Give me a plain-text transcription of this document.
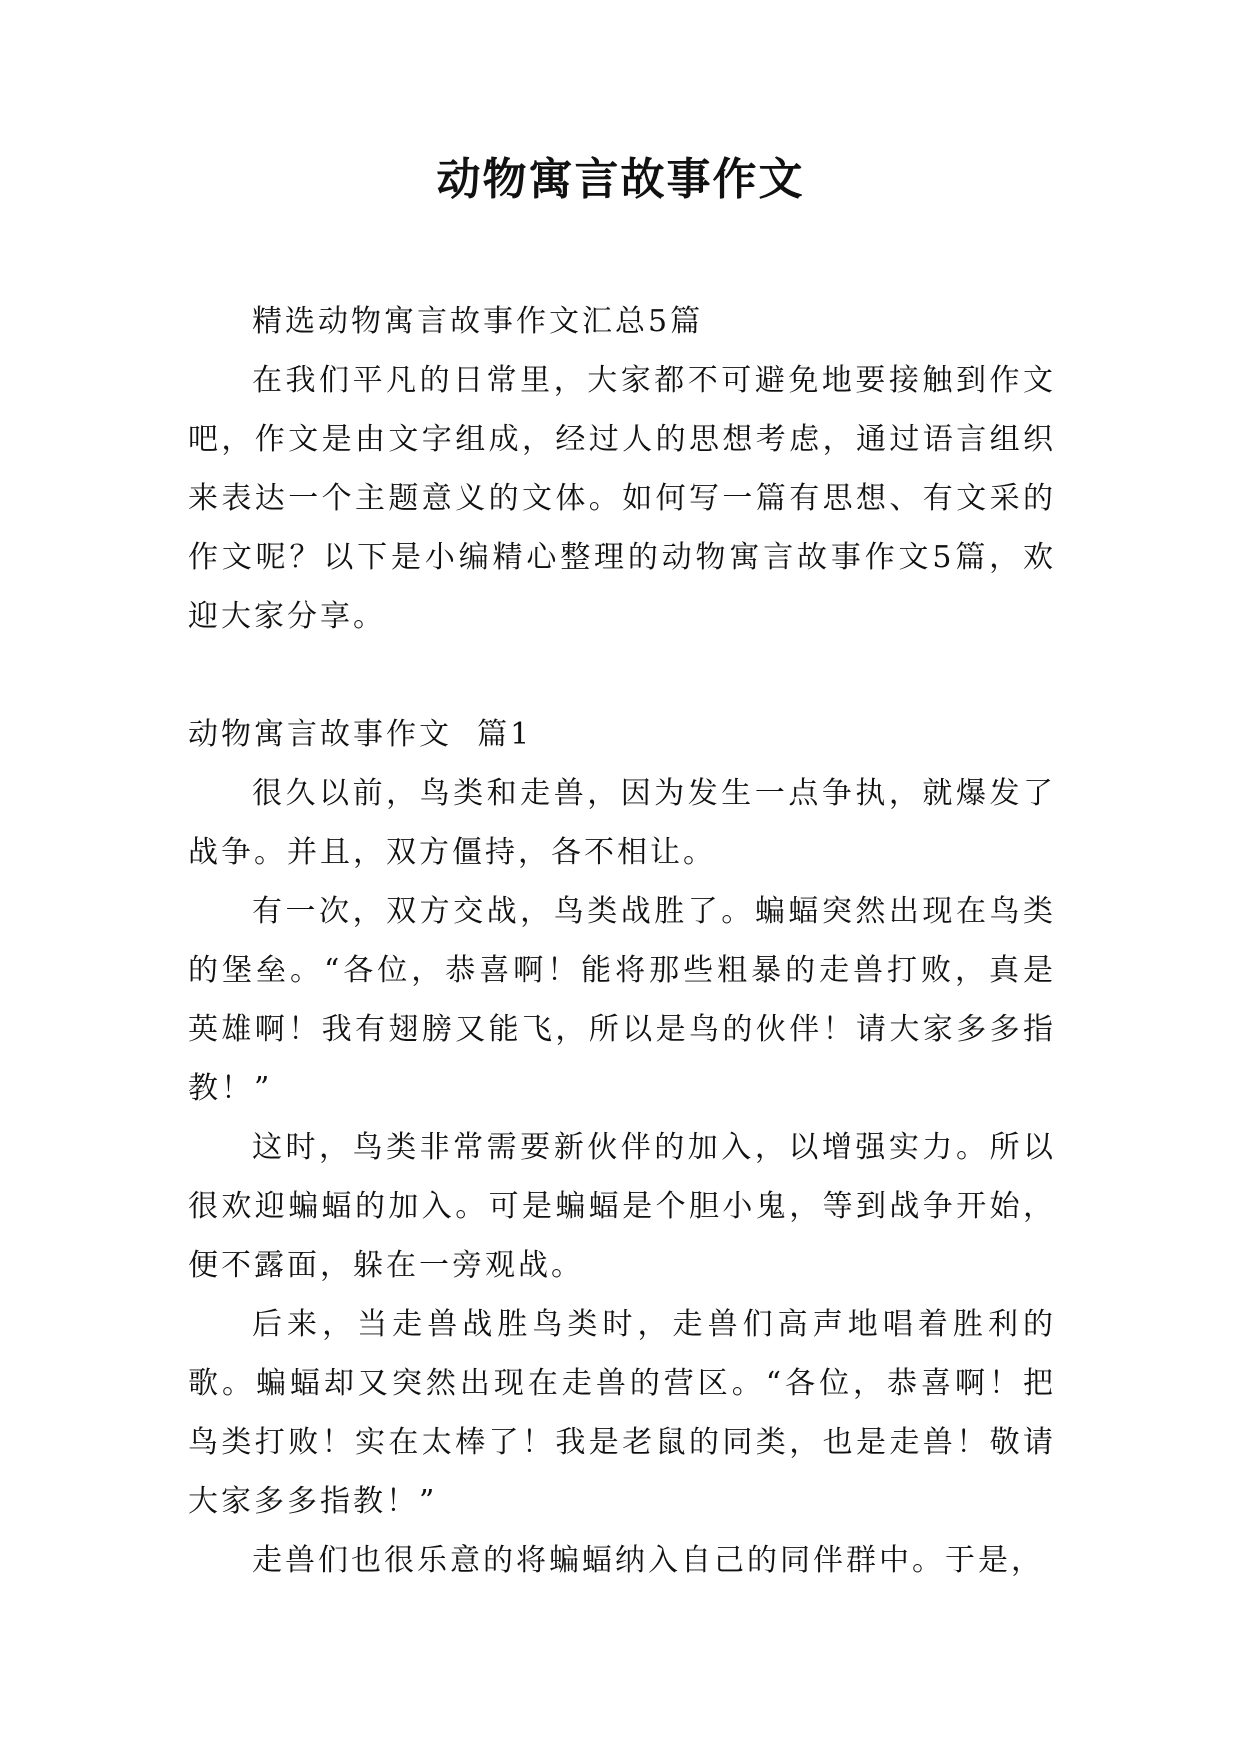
动物寓言故事作文

精选动物寓言故事作文汇总5篇

在我们平凡的日常里，大家都不可避免地要接触到作文吧，作文是由文字组成，经过人的思想考虑，通过语言组织来表达一个主题意义的文体。如何写一篇有思想、有文采的作文呢？以下是小编精心整理的动物寓言故事作文5篇，欢迎大家分享。

动物寓言故事作文  篇1

很久以前，鸟类和走兽，因为发生一点争执，就爆发了战争。并且，双方僵持，各不相让。

有一次，双方交战，鸟类战胜了。蝙蝠突然出现在鸟类的堡垒。“各位，恭喜啊！能将那些粗暴的走兽打败，真是英雄啊！我有翅膀又能飞，所以是鸟的伙伴！请大家多多指教！”

这时，鸟类非常需要新伙伴的加入，以增强实力。所以很欢迎蝙蝠的加入。可是蝙蝠是个胆小鬼，等到战争开始，便不露面，躲在一旁观战。

后来，当走兽战胜鸟类时，走兽们高声地唱着胜利的歌。蝙蝠却又突然出现在走兽的营区。“各位，恭喜啊！把鸟类打败！实在太棒了！我是老鼠的同类，也是走兽！敬请大家多多指教！”

走兽们也很乐意的将蝙蝠纳入自己的同伴群中。于是，
